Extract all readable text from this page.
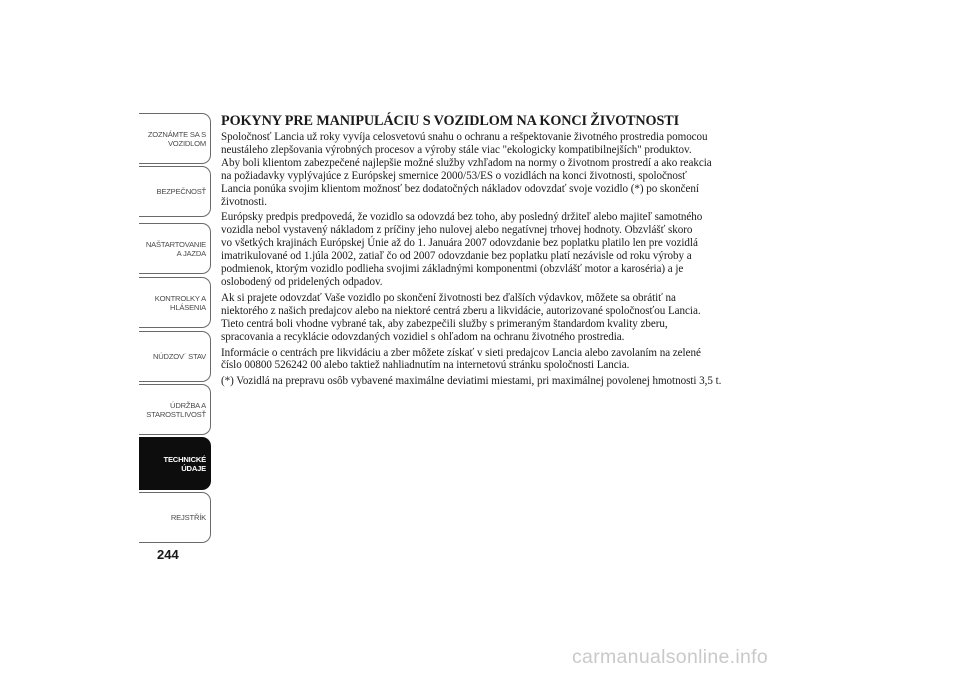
ZOZNÁMTE SA S
VOZIDLOM
BEZPEČNOSŤ
NAŠTARTOVANIE
A JAZDA
KONTROLKY A
HLÁSENIA
NÚDZOV´ STAV
ÚDRŽBA A
STAROSTLIVOSŤ
TECHNICKÉ
ÚDAJE
REJSTŘÍK
244
POKYNY PRE MANIPULÁCIU S VOZIDLOM NA KONCI ŽIVOTNOSTI

Spoločnosť Lancia už roky vyvíja celosvetovú snahu o ochranu a rešpektovanie životného prostredia pomocou
neustáleho zlepšovania výrobných procesov a výroby stále viac "ekologicky kompatibilnejších" produktov.
Aby boli klientom zabezpečené najlepšie možné služby vzhľadom na normy o životnom prostredí a ako reakcia
na požiadavky vyplývajúce z Európskej smernice 2000/53/ES o vozidlách na konci životnosti, spoločnosť
Lancia ponúka svojim klientom možnosť bez dodatočných nákladov odovzdať svoje vozidlo (*) po skončení
životnosti.

Európsky predpis predpovedá, že vozidlo sa odovzdá bez toho, aby posledný držiteľ alebo majiteľ samotného
vozidla nebol vystavený nákladom z príčiny jeho nulovej alebo negatívnej trhovej hodnoty. Obzvlášť skoro
vo všetkých krajinách Európskej Únie až do 1. Januára 2007 odovzdanie bez poplatku platilo len pre vozidlá
imatrikulované od 1.júla 2002, zatiaľ čo od 2007 odovzdanie bez poplatku platí nezávisle od roku výroby a
podmienok, ktorým vozidlo podlieha svojimi základnými komponentmi (obzvlášť motor a karoséria) a je
oslobodený od pridelených odpadov.

Ak si prajete odovzdať Vaše vozidlo po skončení životnosti bez ďalších výdavkov, môžete sa obrátiť na
niektorého z našich predajcov alebo na niektoré centrá zberu a likvidácie, autorizované spoločnosťou Lancia.
Tieto centrá boli vhodne vybrané tak, aby zabezpečili služby s primeraným štandardom kvality zberu,
spracovania a recyklácie odovzdaných vozidiel s ohľadom na ochranu životného prostredia.

Informácie o centrách pre likvidáciu a zber môžete získať v sieti predajcov Lancia alebo zavolaním na zelené
číslo 00800 526242 00 alebo taktiež nahliadnutím na internetovú stránku spoločnosti Lancia.

(*) Vozidlá na prepravu osôb vybavené maximálne deviatimi miestami, pri maximálnej povolenej hmotnosti 3,5 t.

carmanualsonline.info
